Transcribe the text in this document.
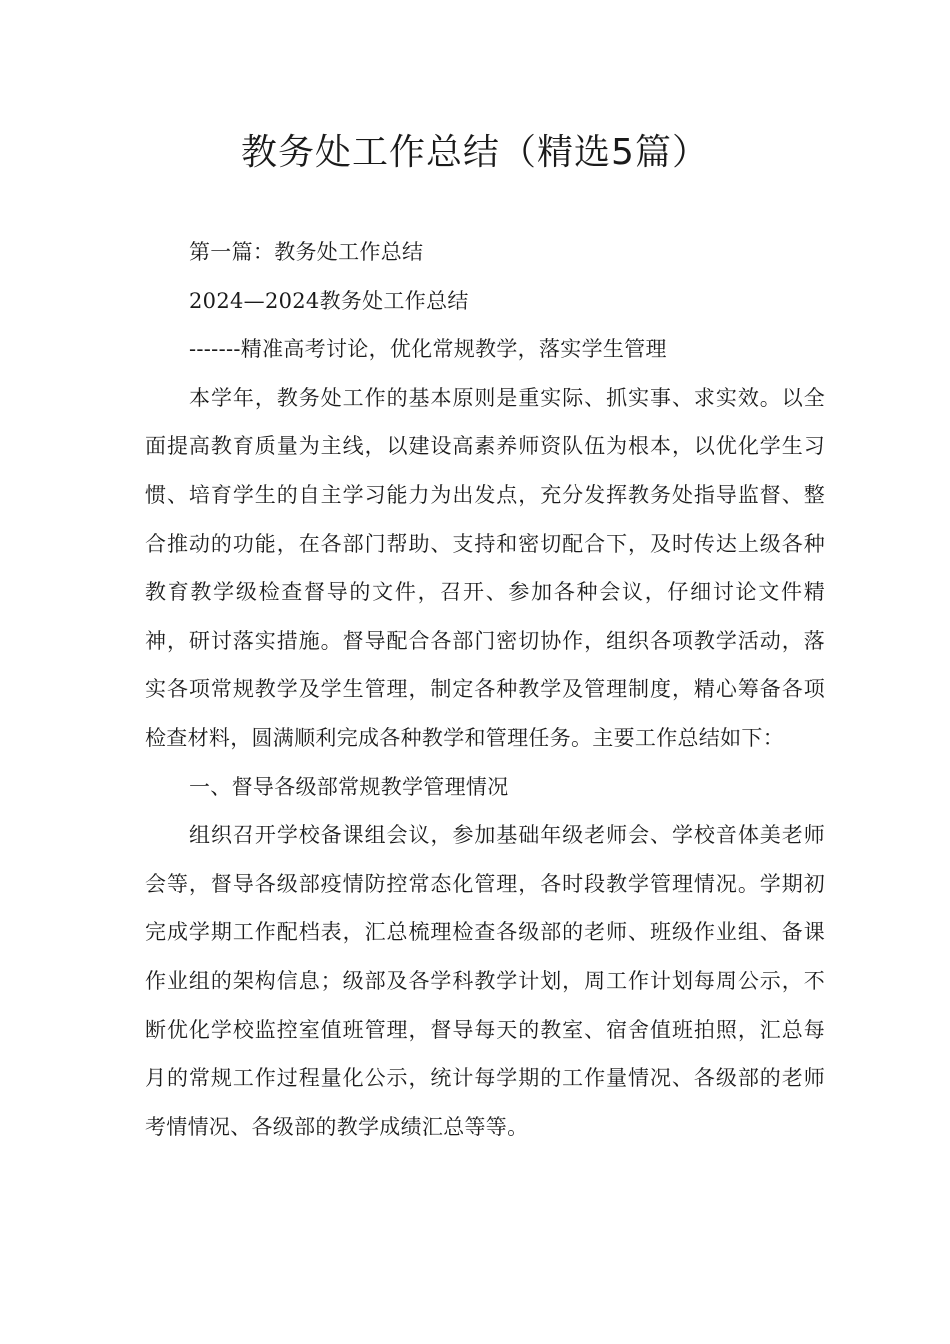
教务处工作总结（精选5篇）

第一篇：教务处工作总结

2024—2024教务处工作总结

-------精准高考讨论，优化常规教学，落实学生管理

本学年，教务处工作的基本原则是重实际、抓实事、求实效。以全面提高教育质量为主线，以建设高素养师资队伍为根本，以优化学生习惯、培育学生的自主学习能力为出发点，充分发挥教务处指导监督、整合推动的功能，在各部门帮助、支持和密切配合下，及时传达上级各种教育教学级检查督导的文件，召开、参加各种会议，仔细讨论文件精神，研讨落实措施。督导配合各部门密切协作，组织各项教学活动，落实各项常规教学及学生管理，制定各种教学及管理制度，精心筹备各项检查材料，圆满顺利完成各种教学和管理任务。主要工作总结如下：

一、督导各级部常规教学管理情况

组织召开学校备课组会议，参加基础年级老师会、学校音体美老师会等，督导各级部疫情防控常态化管理，各时段教学管理情况。学期初完成学期工作配档表，汇总梳理检查各级部的老师、班级作业组、备课作业组的架构信息；级部及各学科教学计划，周工作计划每周公示，不断优化学校监控室值班管理，督导每天的教室、宿舍值班拍照，汇总每月的常规工作过程量化公示，统计每学期的工作量情况、各级部的老师考情情况、各级部的教学成绩汇总等等。
